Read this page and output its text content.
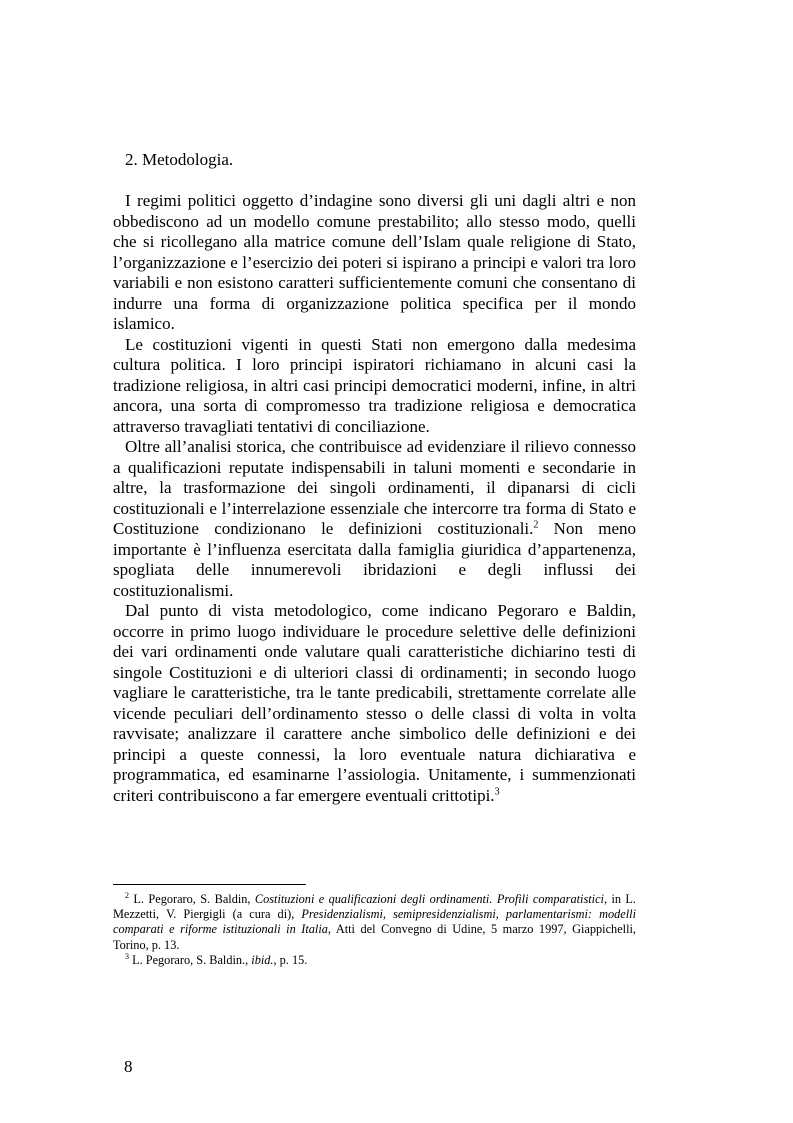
2. Metodologia.

I regimi politici oggetto d’indagine sono diversi gli uni dagli altri e non obbediscono ad un modello comune prestabilito; allo stesso modo, quelli che si ricollegano alla matrice comune dell’Islam quale religione di Stato, l’organizzazione e l’esercizio dei poteri si ispirano a principi e valori tra loro variabili e non esistono caratteri sufficientemente comuni che consentano di indurre una forma di organizzazione politica specifica per il mondo islamico.

Le costituzioni vigenti in questi Stati non emergono dalla medesima cultura politica. I loro principi ispiratori richiamano in alcuni casi la tradizione religiosa, in altri casi principi democratici moderni, infine, in altri ancora, una sorta di compromesso tra tradizione religiosa e democratica attraverso travagliati tentativi di conciliazione.

Oltre all’analisi storica, che contribuisce ad evidenziare il rilievo connesso a qualificazioni reputate indispensabili in taluni momenti e secondarie in altre, la trasformazione dei singoli ordinamenti, il dipanarsi di cicli costituzionali e l’interrelazione essenziale che intercorre tra forma di Stato e Costituzione condizionano le definizioni costituzionali.$^2$ Non meno importante è l’influenza esercitata dalla famiglia giuridica d’appartenenza, spogliata delle innumerevoli ibridazioni e degli influssi dei costituzionalismi.

Dal punto di vista metodologico, come indicano Pegoraro e Baldin, occorre in primo luogo individuare le procedure selettive delle definizioni dei vari ordinamenti onde valutare quali caratteristiche dichiarino testi di singole Costituzioni e di ulteriori classi di ordinamenti; in secondo luogo vagliare le caratteristiche, tra le tante predicabili, strettamente correlate alle vicende peculiari dell’ordinamento stesso o delle classi di volta in volta ravvisate; analizzare il carattere anche simbolico delle definizioni e dei principi a queste connessi, la loro eventuale natura dichiarativa e programmatica, ed esaminarne l’assiologia. Unitamente, i summenzionati criteri contribuiscono a far emergere eventuali crittotipi.$^3$

$^2$ L. Pegoraro, S. Baldin, Costituzioni e qualificazioni degli ordinamenti. Profili comparatistici, in L. Mezzetti, V. Piergigli (a cura di), Presidenzialismi, semipresidenzialismi, parlamentarismi: modelli comparati e riforme istituzionali in Italia, Atti del Convegno di Udine, 5 marzo 1997, Giappichelli, Torino, p. 13.

$^3$ L. Pegoraro, S. Baldin., ibid., p. 15.

8
